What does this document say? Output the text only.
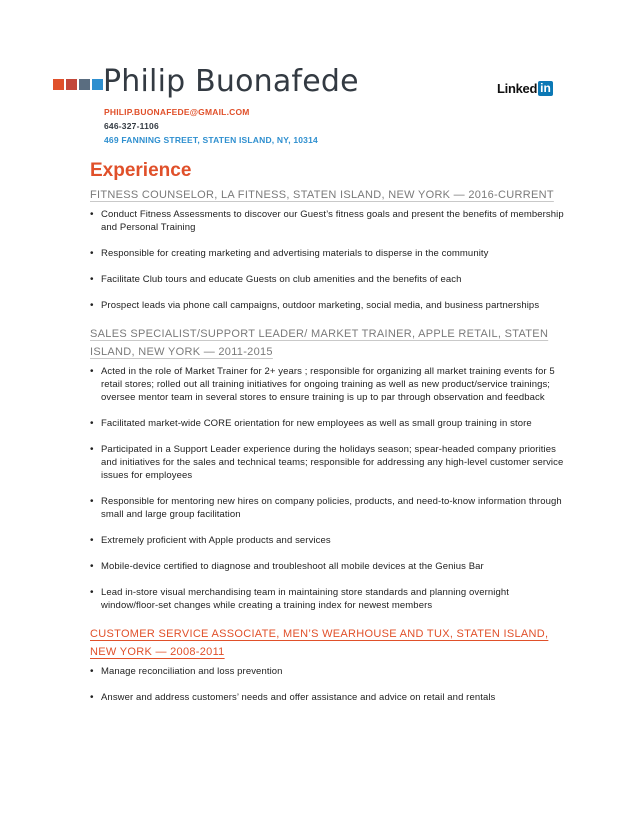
Philip Buonafede
PHILIP.BUONAFEDE@GMAIL.COM
646-327-1106
469 FANNING STREET, STATEN ISLAND, NY, 10314
Linked in
Experience
FITNESS COUNSELOR, LA FITNESS, STATEN ISLAND, NEW YORK — 2016-CURRENT
• Conduct Fitness Assessments to discover our Guest’s fitness goals and present the benefits of membership and Personal Training
• Responsible for creating marketing and advertising materials to disperse in the community
• Facilitate Club tours and educate Guests on club amenities and the benefits of each
• Prospect leads via phone call campaigns, outdoor marketing, social media, and business partnerships
SALES SPECIALIST/SUPPORT LEADER/ MARKET TRAINER, APPLE RETAIL, STATEN ISLAND, NEW YORK — 2011-2015
• Acted in the role of Market Trainer for 2+ years ; responsible for organizing all market training events for 5 retail stores; rolled out all training initiatives for ongoing training as well as new product/service trainings; oversee mentor team in several stores to ensure training is up to par through observation and feedback
• Facilitated market-wide CORE orientation for new employees as well as small group training in store
• Participated in a Support Leader experience during the holidays season; spear-headed company priorities and initiatives for the sales and technical teams; responsible for addressing any high-level customer service issues for employees
• Responsible for mentoring new hires on company policies, products, and need-to-know information through small and large group facilitation
• Extremely proficient with Apple products and services
• Mobile-device certified to diagnose and troubleshoot all mobile devices at the Genius Bar
• Lead in-store visual merchandising team in maintaining store standards and planning overnight window/floor-set changes while creating a training index for newest members
CUSTOMER SERVICE ASSOCIATE, MEN’S WEARHOUSE AND TUX, STATEN ISLAND, NEW YORK — 2008-2011
• Manage reconciliation and loss prevention
• Answer and address customers’ needs and offer assistance and advice on retail and rentals
